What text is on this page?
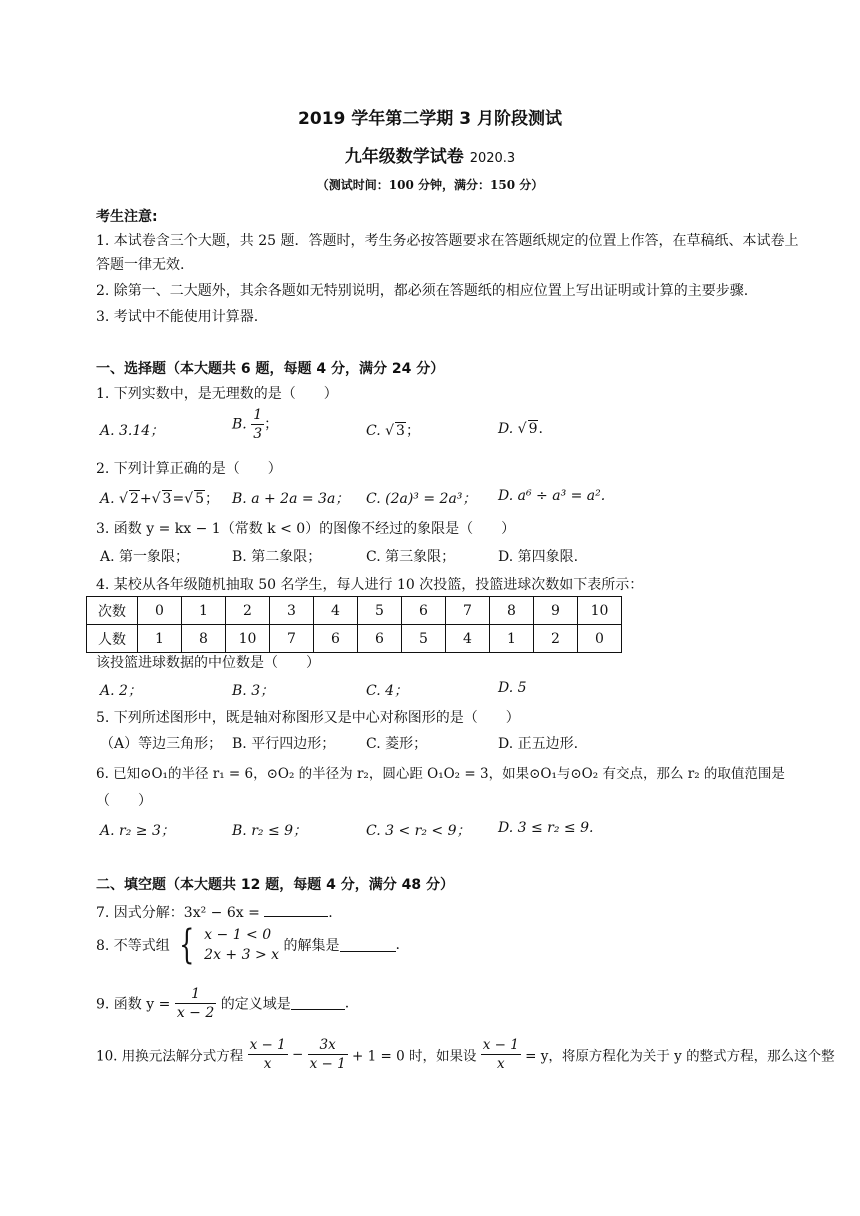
2019 学年第二学期 3 月阶段测试
九年级数学试卷 2020.3
（测试时间：100 分钟，满分：150 分）
考生注意:
1. 本试卷含三个大题，共 25 题．答题时，考生务必按答题要求在答题纸规定的位置上作答，在草稿纸、本试卷上
答题一律无效.
2. 除第一、二大题外，其余各题如无特别说明，都必须在答题纸的相应位置上写出证明或计算的主要步骤.
3. 考试中不能使用计算器.
一、选择题（本大题共 6 题，每题 4 分，满分 24 分）
1. 下列实数中，是无理数的是（　　）
A. 3.14；	B. $\frac{1}{3}$ ；	C. √ 3；	D. √ 9.
2. 下列计算正确的是（　　）
A. √ 2+√ 3=√ 5； B. a + 2a = 3a； C. (2a)³ = 2a³； D. a⁶ ÷ a³ = a².
3. 函数 y = kx − 1（常数 k < 0）的图像不经过的象限是（　　）
A. 第一象限；	B. 第二象限；	C. 第三象限；	D. 第四象限.
4. 某校从各年级随机抽取 50 名学生，每人进行 10 次投篮，投篮进球次数如下表所示：
次数	0	1	2	3	4	5	6	7	8	9	10
人数	1	8	10	7	6	6	5	4	1	2	0
该投篮进球数据的中位数是（　　）
A. 2；	B. 3；	C. 4；	D. 5
5. 下列所述图形中，既是轴对称图形又是中心对称图形的是（　　）
（A）等边三角形； B. 平行四边形； C. 菱形；	D. 正五边形.
6. 已知⊙O₁的半径 r₁ = 6，⊙O₂ 的半径为 r₂，圆心距 O₁O₂ = 3，如果⊙O₁与⊙O₂ 有交点，那么 r₂ 的取值范围是
（　　）
A. r₂ ≥ 3；	B. r₂ ≤ 9；	C. 3 < r₂ < 9； D. 3 ≤ r₂ ≤ 9.
二、填空题（本大题共 12 题，每题 4 分，满分 48 分）
7. 因式分解：3x² − 6x =	.
8. 不等式组 { x − 1 < 0
2x + 3 > x
的解集是	.
9. 函数 $y = \frac{1}{x - 2}$ 的定义域是	.
10. 用换元法解分式方程 $\frac{x - 1}{x} - \frac{3x}{x - 1} + 1 = 0$ 时，如果设 $\frac{x - 1}{x} = y$，将原方程化为关于 y 的整式方程，那么这个整
